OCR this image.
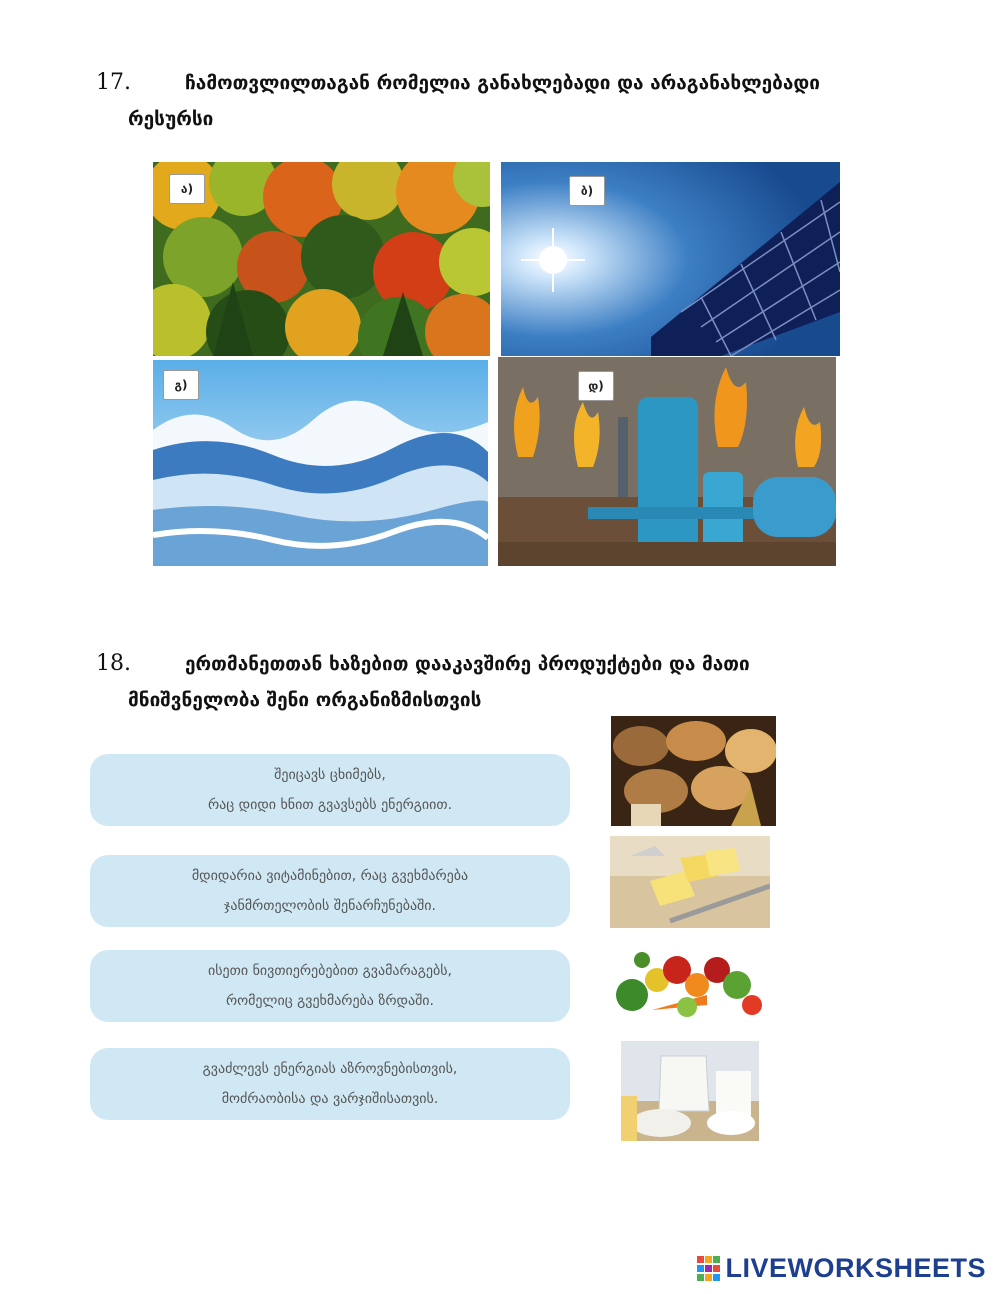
17.	ჩამოთვლილთაგან რომელია განახლებადი და არაგანახლებადი
რესურსი
ა)	ბ)
გ)	დ)
18.	ერთმანეთთან ხაზებით დააკავშირე პროდუქტები და მათი
მნიშვნელობა შენი ორგანიზმისთვის
შეიცავს ცხიმებს,
რაც დიდი ხნით გვავსებს ენერგიით.
მდიდარია ვიტამინებით, რაც გვეხმარება
ჯანმრთელობის შენარჩუნებაში.
ისეთი ნივთიერებებით გვამარაგებს,
რომელიც გვეხმარება ზრდაში.
გვაძლევს ენერგიას აზროვნებისთვის,
მოძრაობისა და ვარჯიშისათვის.
LIVEWORKSHEETS
